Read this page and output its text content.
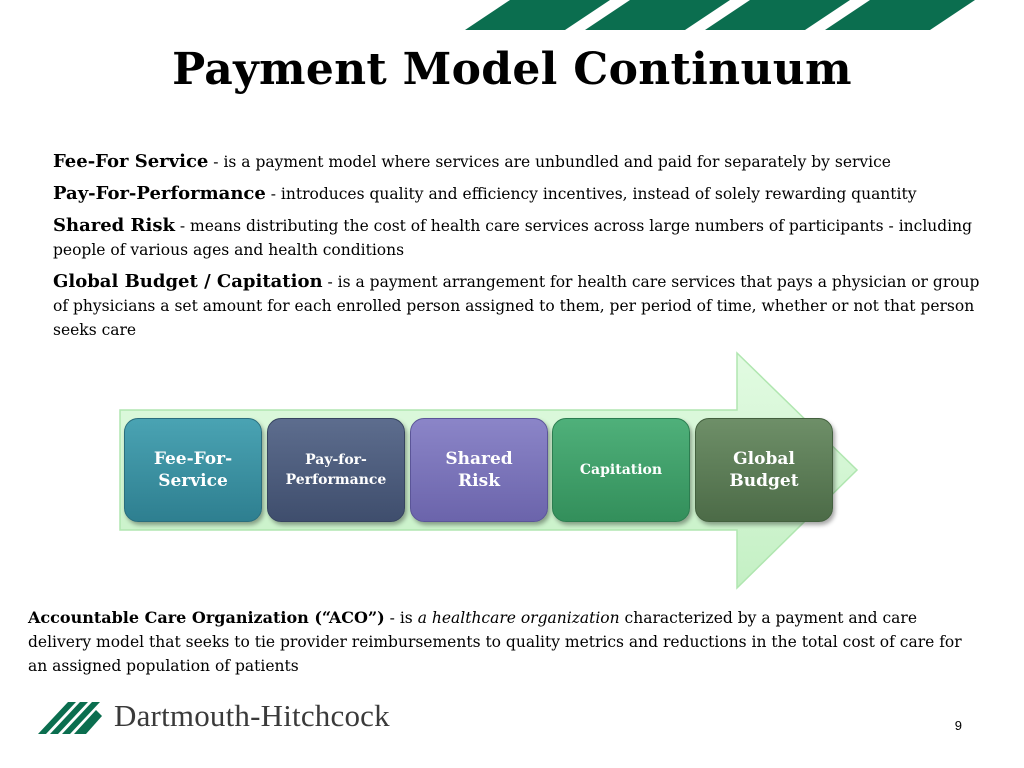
Payment Model Continuum
Fee-For Service - is a payment model where services are unbundled and paid for separately by service
Pay-For-Performance - introduces quality and efficiency incentives, instead of solely rewarding quantity
Shared Risk - means distributing the cost of health care services across large numbers of participants - including people of various ages and health conditions
Global Budget / Capitation - is a payment arrangement for health care services that pays a physician or group of physicians a set amount for each enrolled person assigned to them, per period of time, whether or not that person seeks care
Fee-For-
Service
Pay-for-
Performance
Shared
Risk
Capitation
Global
Budget
Accountable Care Organization (“ACO”) - is a healthcare organization characterized by a payment and care delivery model that seeks to tie provider reimbursements to quality metrics and reductions in the total cost of care for an assigned population of patients
Dartmouth-Hitchcock	9
